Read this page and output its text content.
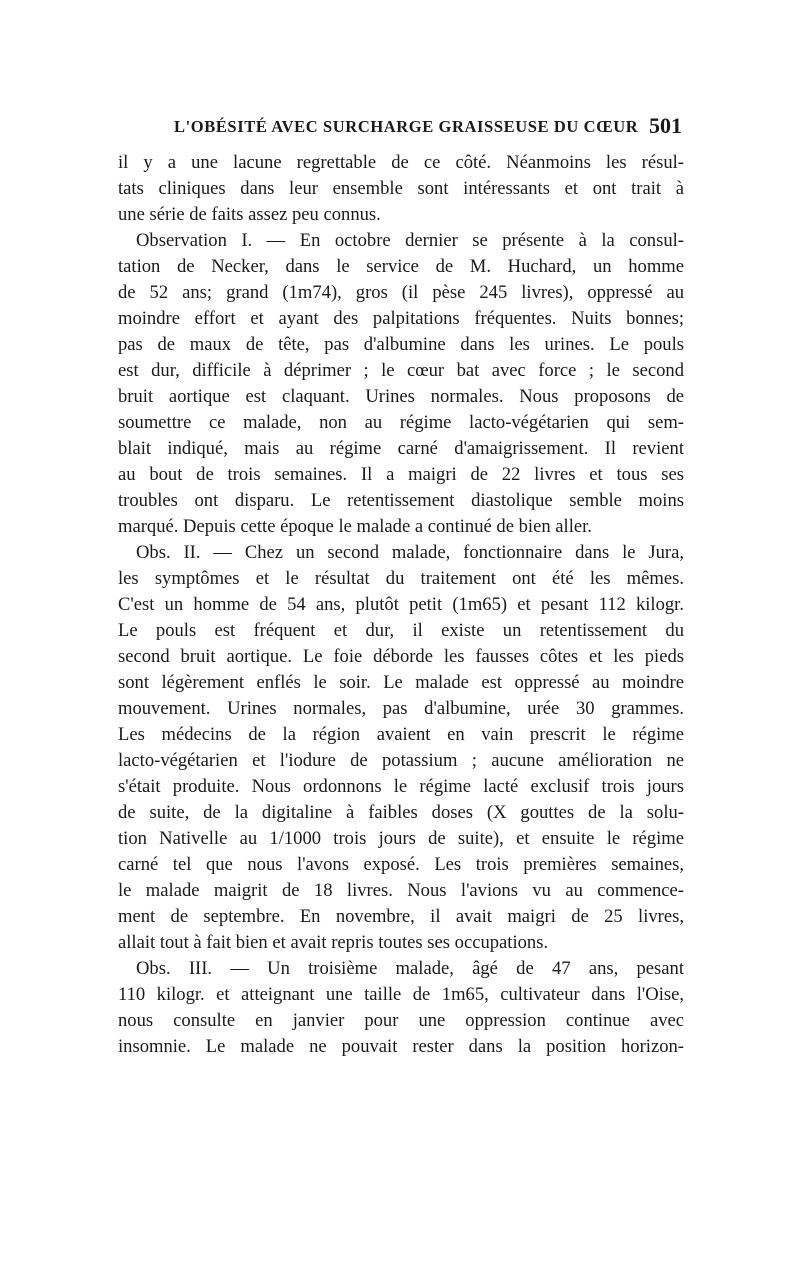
L'OBÉSITÉ AVEC SURCHARGE GRAISSEUSE DU CŒUR 501
il y a une lacune regrettable de ce côté. Néanmoins les résul-
tats cliniques dans leur ensemble sont intéressants et ont trait à
une série de faits assez peu connus.
Observation I. — En octobre dernier se présente à la consul-
tation de Necker, dans le service de M. Huchard, un homme
de 52 ans; grand (1m74), gros (il pèse 245 livres), oppressé au
moindre effort et ayant des palpitations fréquentes. Nuits bonnes;
pas de maux de tête, pas d'albumine dans les urines. Le pouls
est dur, difficile à déprimer ; le cœur bat avec force ; le second
bruit aortique est claquant. Urines normales. Nous proposons de
soumettre ce malade, non au régime lacto-végétarien qui sem-
blait indiqué, mais au régime carné d'amaigrissement. Il revient
au bout de trois semaines. Il a maigri de 22 livres et tous ses
troubles ont disparu. Le retentissement diastolique semble moins
marqué. Depuis cette époque le malade a continué de bien aller.
Obs. II. — Chez un second malade, fonctionnaire dans le Jura,
les symptômes et le résultat du traitement ont été les mêmes.
C'est un homme de 54 ans, plutôt petit (1m65) et pesant 112 kilogr.
Le pouls est fréquent et dur, il existe un retentissement du
second bruit aortique. Le foie déborde les fausses côtes et les pieds
sont légèrement enflés le soir. Le malade est oppressé au moindre
mouvement. Urines normales, pas d'albumine, urée 30 grammes.
Les médecins de la région avaient en vain prescrit le régime
lacto-végétarien et l'iodure de potassium ; aucune amélioration ne
s'était produite. Nous ordonnons le régime lacté exclusif trois jours
de suite, de la digitaline à faibles doses (X gouttes de la solu-
tion Nativelle au 1/1000 trois jours de suite), et ensuite le régime
carné tel que nous l'avons exposé. Les trois premières semaines,
le malade maigrit de 18 livres. Nous l'avions vu au commence-
ment de septembre. En novembre, il avait maigri de 25 livres,
allait tout à fait bien et avait repris toutes ses occupations.
Obs. III. — Un troisième malade, âgé de 47 ans, pesant
110 kilogr. et atteignant une taille de 1m65, cultivateur dans l'Oise,
nous consulte en janvier pour une oppression continue avec
insomnie. Le malade ne pouvait rester dans la position horizon-
